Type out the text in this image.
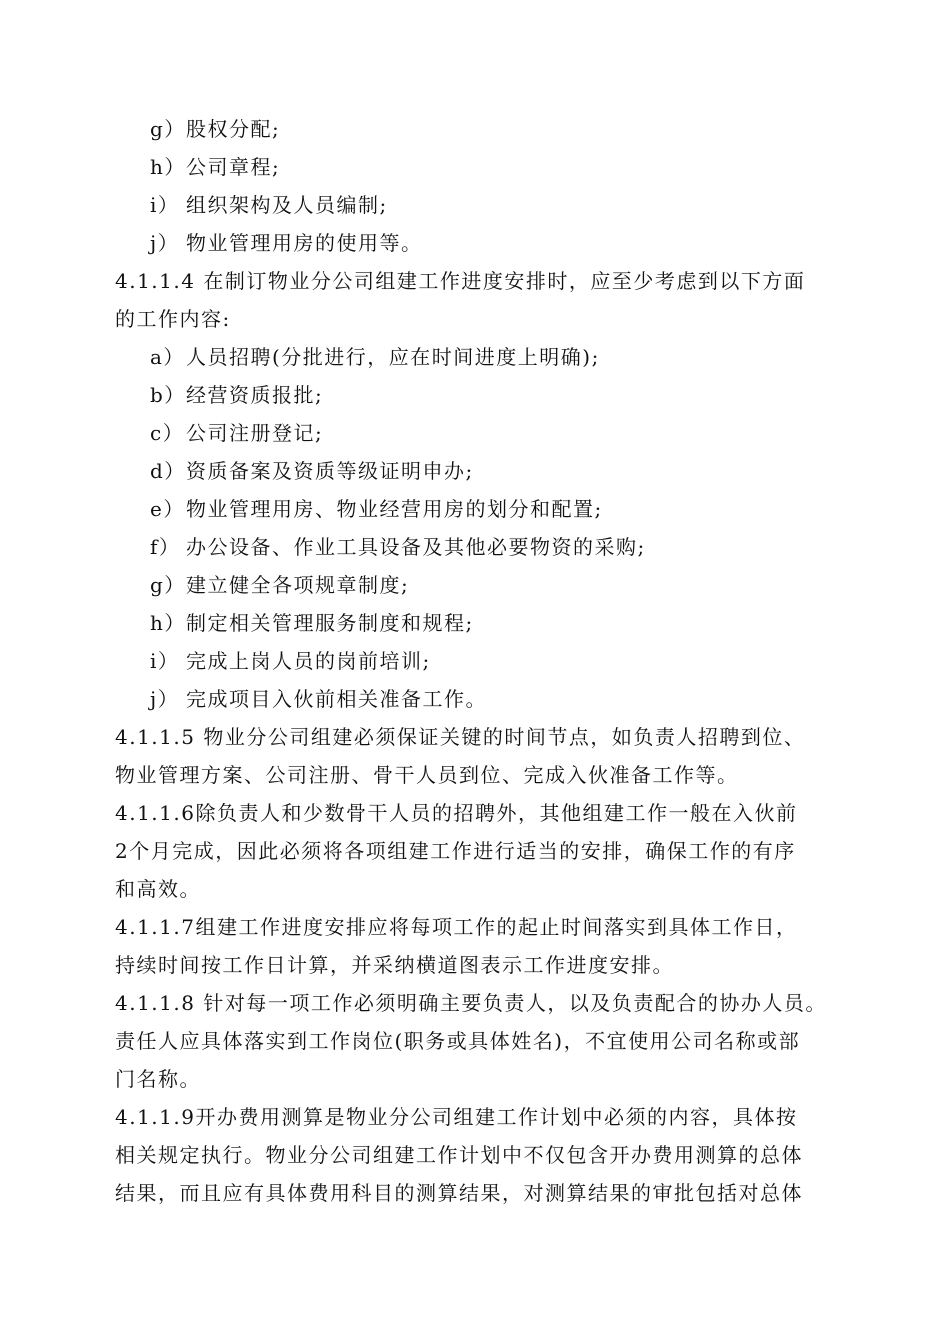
g）股权分配;
h）公司章程;
i） 组织架构及人员编制;
j） 物业管理用房的使用等。
4.1.1.4 在制订物业分公司组建工作进度安排时，应至少考虑到以下方面
的工作内容:
a）人员招聘(分批进行，应在时间进度上明确);
b）经营资质报批;
c）公司注册登记;
d）资质备案及资质等级证明申办;
e）物业管理用房、物业经营用房的划分和配置;
f） 办公设备、作业工具设备及其他必要物资的采购;
g）建立健全各项规章制度;
h）制定相关管理服务制度和规程;
i） 完成上岗人员的岗前培训;
j） 完成项目入伙前相关准备工作。
4.1.1.5 物业分公司组建必须保证关键的时间节点，如负责人招聘到位、
物业管理方案、公司注册、骨干人员到位、完成入伙准备工作等。
4.1.1.6除负责人和少数骨干人员的招聘外，其他组建工作一般在入伙前
2个月完成，因此必须将各项组建工作进行适当的安排，确保工作的有序
和高效。
4.1.1.7组建工作进度安排应将每项工作的起止时间落实到具体工作日，
持续时间按工作日计算，并采纳横道图表示工作进度安排。
4.1.1.8 针对每一项工作必须明确主要负责人，以及负责配合的协办人员。
责任人应具体落实到工作岗位(职务或具体姓名)，不宜使用公司名称或部
门名称。
4.1.1.9开办费用测算是物业分公司组建工作计划中必须的内容，具体按
相关规定执行。物业分公司组建工作计划中不仅包含开办费用测算的总体
结果，而且应有具体费用科目的测算结果，对测算结果的审批包括对总体
